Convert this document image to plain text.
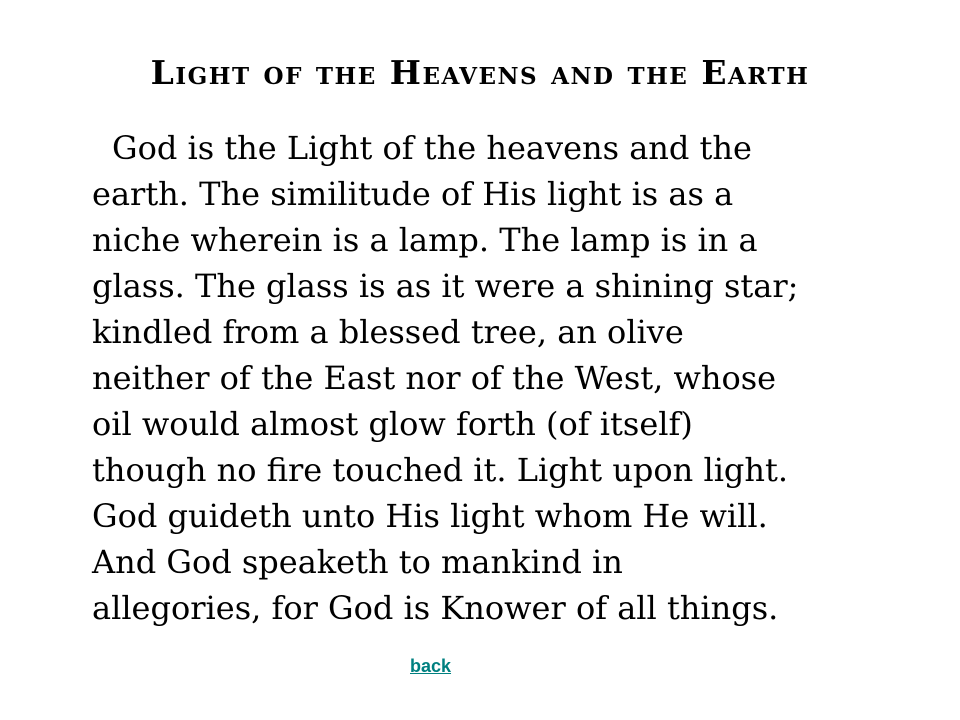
Light of the Heavens and the Earth
God is the Light of the heavens and the
earth. The similitude of His light is as a
niche wherein is a lamp. The lamp is in a
glass. The glass is as it were a shining star;
kindled from a blessed tree, an olive
neither of the East nor of the West, whose
oil would almost glow forth (of itself)
though no fire touched it. Light upon light.
God guideth unto His light whom He will.
And God speaketh to mankind in
allegories, for God is Knower of all things.
back
